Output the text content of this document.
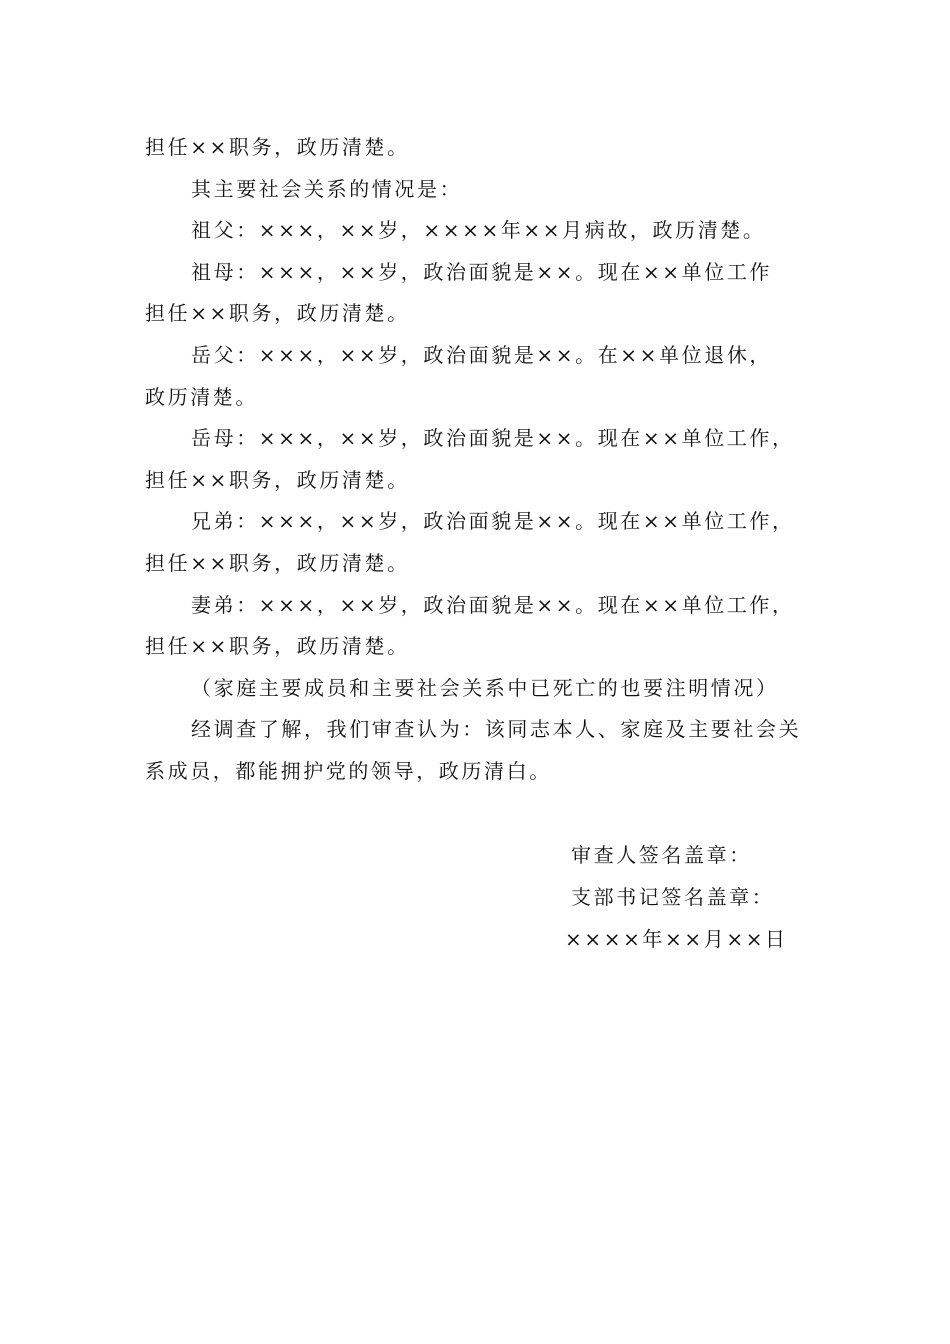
担任××职务，政历清楚。
其主要社会关系的情况是：
祖父：×××，××岁，××××年××月病故，政历清楚。
祖母：×××，××岁，政治面貌是××。现在××单位工作
担任××职务，政历清楚。
岳父：×××，××岁，政治面貌是××。在××单位退休，
政历清楚。
岳母：×××，××岁，政治面貌是××。现在××单位工作，
担任××职务，政历清楚。
兄弟：×××，××岁，政治面貌是××。现在××单位工作，
担任××职务，政历清楚。
妻弟：×××，××岁，政治面貌是××。现在××单位工作，
担任××职务，政历清楚。
（家庭主要成员和主要社会关系中已死亡的也要注明情况）
经调查了解，我们审查认为：该同志本人、家庭及主要社会关
系成员，都能拥护党的领导，政历清白。
审查人签名盖章：
支部书记签名盖章：
××××年××月××日
